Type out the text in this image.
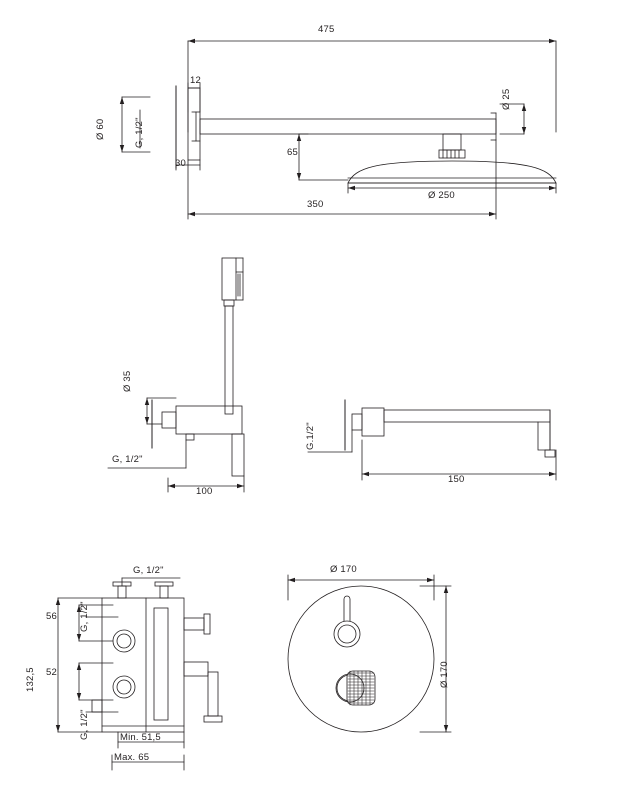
475
12
Ø 60	G, 1/2"
30
65
Ø 25
Ø 250
350
Ø 35
G, 1/2"
100
G.1/2"
150
G, 1/2"
G, 1/2"
G, 1/2"
132,5
56
52
Min. 51,5
Max. 65
Ø 170
Ø 170
